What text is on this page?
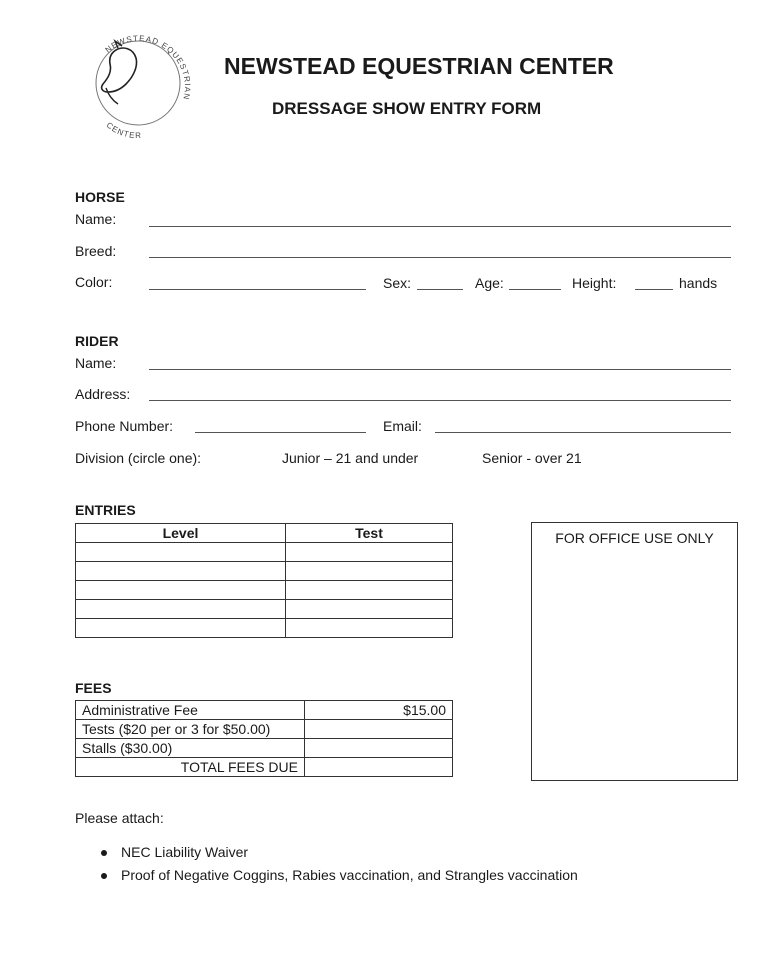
NEWSTEAD EQUESTRIAN
CENTER
NEWSTEAD EQUESTRIAN CENTER
DRESSAGE SHOW ENTRY FORM
HORSE
Name:
Breed:
Color:	Sex:	Age:	Height:	hands
RIDER
Name:
Address:
Phone Number:	Email:
Division (circle one):	Junior – 21 and under	Senior - over 21
ENTRIES
Level	Test

		FOR OFFICE USE ONLY
FEES
Administrative Fee	$15.00
Tests ($20 per or 3 for $50.00)	
Stalls ($30.00)	
TOTAL FEES DUE	
Please attach:
NEC Liability Waiver
Proof of Negative Coggins, Rabies vaccination, and Strangles vaccination
